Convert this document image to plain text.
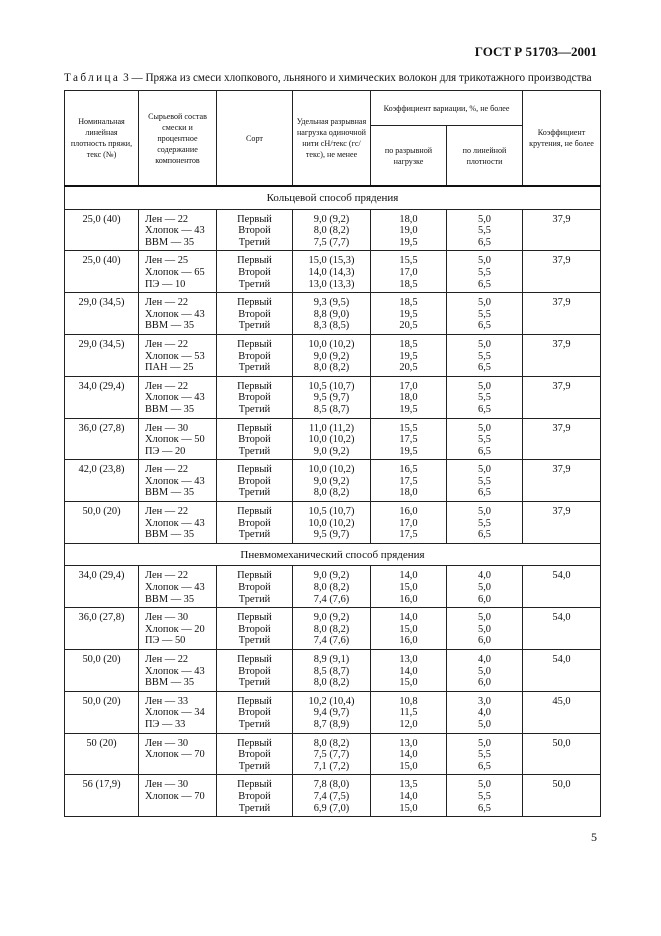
ГОСТ Р 51703—2001
Таблица 3 — Пряжа из смеси хлопкового, льняного и химических волокон для трикотажного производства
Номинальная линейная плотность пряжи, текс (№)	Сырьевой состав смески и процентное содержание компонентов	Сорт	Удельная разрывная нагрузка одиночной нити сН/текс (гс/текс), не менее	Коэффициент вариации, %, не более		Коэффициент крутения, не более
				по разрывной нагрузке	по линейной плотности	
Кольцевой способ прядения						
25,0 (40)	Лен — 22
Хлопок — 43
ВВМ — 35	Первый
Второй
Третий	9,0 (9,2)
8,0 (8,2)
7,5 (7,7)	18,0
19,0
19,5	5,0
5,5
6,5	37,9
25,0 (40)	Лен — 25
Хлопок — 65
ПЭ — 10	Первый
Второй
Третий	15,0 (15,3)
14,0 (14,3)
13,0 (13,3)	15,5
17,0
18,5	5,0
5,5
6,5	37,9
29,0 (34,5)	Лен — 22
Хлопок — 43
ВВМ — 35	Первый
Второй
Третий	9,3 (9,5)
8,8 (9,0)
8,3 (8,5)	18,5
19,5
20,5	5,0
5,5
6,5	37,9
29,0 (34,5)	Лен — 22
Хлопок — 53
ПАН — 25	Первый
Второй
Третий	10,0 (10,2)
9,0 (9,2)
8,0 (8,2)	18,5
19,5
20,5	5,0
5,5
6,5	37,9
34,0 (29,4)	Лен — 22
Хлопок — 43
ВВМ — 35	Первый
Второй
Третий	10,5 (10,7)
9,5 (9,7)
8,5 (8,7)	17,0
18,0
19,5	5,0
5,5
6,5	37,9
36,0 (27,8)	Лен — 30
Хлопок — 50
ПЭ — 20	Первый
Второй
Третий	11,0 (11,2)
10,0 (10,2)
9,0 (9,2)	15,5
17,5
19,5	5,0
5,5
6,5	37,9
42,0 (23,8)	Лен — 22
Хлопок — 43
ВВМ — 35	Первый
Второй
Третий	10,0 (10,2)
9,0 (9,2)
8,0 (8,2)	16,5
17,5
18,0	5,0
5,5
6,5	37,9
50,0 (20)	Лен — 22
Хлопок — 43
ВВМ — 35	Первый
Второй
Третий	10,5 (10,7)
10,0 (10,2)
9,5 (9,7)	16,0
17,0
17,5	5,0
5,5
6,5	37,9
Пневмомеханический способ прядения						
34,0 (29,4)	Лен — 22
Хлопок — 43
ВВМ — 35	Первый
Второй
Третий	9,0 (9,2)
8,0 (8,2)
7,4 (7,6)	14,0
15,0
16,0	4,0
5,0
6,0	54,0
36,0 (27,8)	Лен — 30
Хлопок — 20
ПЭ — 50	Первый
Второй
Третий	9,0 (9,2)
8,0 (8,2)
7,4 (7,6)	14,0
15,0
16,0	5,0
5,0
6,0	54,0
50,0 (20)	Лен — 22
Хлопок — 43
ВВМ — 35	Первый
Второй
Третий	8,9 (9,1)
8,5 (8,7)
8,0 (8,2)	13,0
14,0
15,0	4,0
5,0
6,0	54,0
50,0 (20)	Лен — 33
Хлопок — 34
ПЭ — 33	Первый
Второй
Третий	10,2 (10,4)
9,4 (9,7)
8,7 (8,9)	10,8
11,5
12,0	3,0
4,0
5,0	45,0
50 (20)	Лен — 30
Хлопок — 70	Первый
Второй
Третий	8,0 (8,2)
7,5 (7,7)
7,1 (7,2)	13,0
14,0
15,0	5,0
5,5
6,5	50,0
56 (17,9)	Лен — 30
Хлопок — 70	Первый
Второй
Третий	7,8 (8,0)
7,4 (7,5)
6,9 (7,0)	13,5
14,0
15,0	5,0
5,5
6,5	50,0
5
